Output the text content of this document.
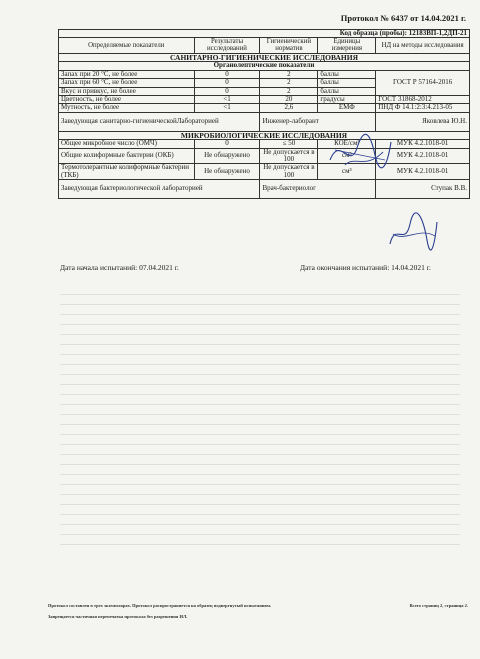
Протокол № 6437 от 14.04.2021 г.
Код образца (пробы): 12183ВП-1,2ДП-21				
Определяемые показатели	Результаты исследований	Гигиенический норматив	Единицы измерения	НД на методы исследования
САНИТАРНО-ГИГИЕНИЧЕСКИЕ ИССЛЕДОВАНИЯ				
Органолептические показатели				
Запах при 20 °С, не более	0	2	баллы	ГОСТ Р 57164-2016
Запах при 60 °С, не более	0	2	баллы	
Вкус и привкус, не более	0	2	баллы	
Цветность, не более	<1	20	градусы	ГОСТ 31868-2012
Мутность, не более	<1	2,6	ЕМФ	ПНД Ф 14.1:2:3:4.213-05
Заведующая санитарно-гигиеническойЛабораторией		Инженер-лаборант		Яковлева Ю.Н.
МИКРОБИОЛОГИЧЕСКИЕ ИССЛЕДОВАНИЯ				
Общее микробное число (ОМЧ)	0	≤ 50	КОЕ/см³	МУК 4.2.1018-01
Общие колиформные бактерии (ОКБ)	Не обнаружено	Не допускается в 100	см³	МУК 4.2.1018-01
Термотолерантные колиформные бактерии (ТКБ)	Не обнаружено	Не допускается в 100	см³	МУК 4.2.1018-01
Заведующая бактериологической лабораторией		Врач-бактериолог		Ступак В.В.
Дата начала испытаний: 07.04.2021 г.	Дата окончания испытаний: 14.04.2021 г.
Протокол составлен в трех экземплярах. Протокол распространяется на образец подвергнутый испытаниям.
Запрещается частичная перепечатка протокола без разрешения ИЛ.
Всего страниц 2, страница 2.
